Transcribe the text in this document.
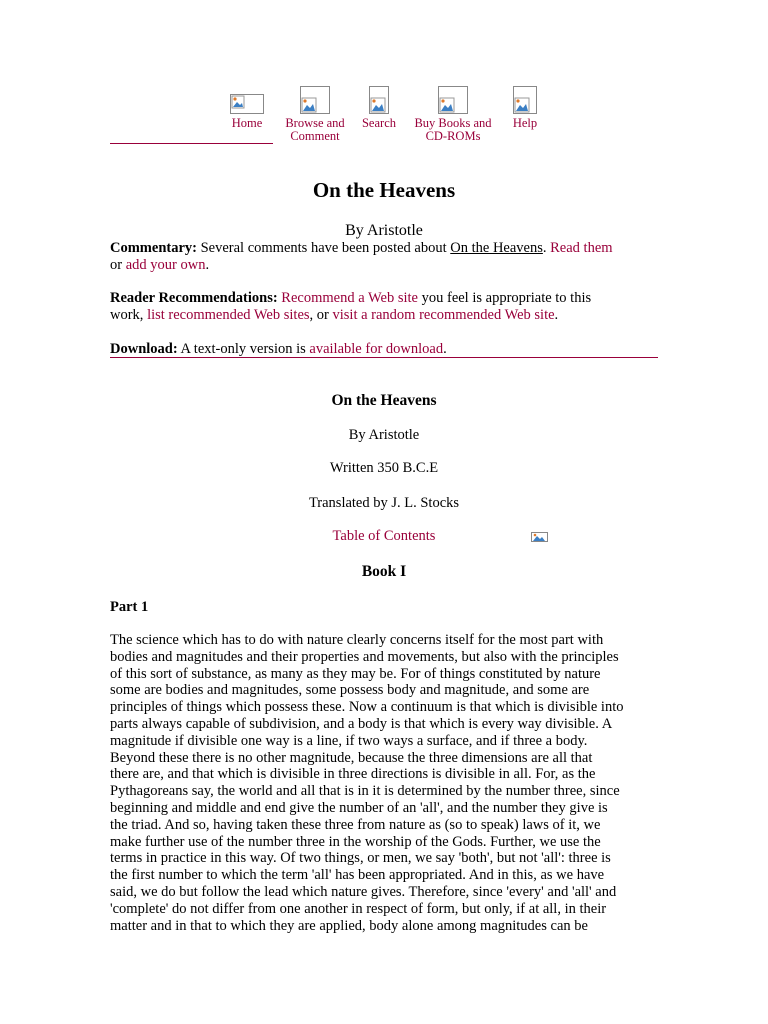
Home	Browse and
Comment
Search	Buy Books and
CD-ROMs
Help
On the Heavens
By Aristotle
Commentary: Several comments have been posted about On the Heavens. Read them
or add your own.
Reader Recommendations: Recommend a Web site you feel is appropriate to this
work, list recommended Web sites, or visit a random recommended Web site.
Download: A text-only version is available for download.
On the Heavens
By Aristotle
Written 350 B.C.E
Translated by J. L. Stocks
Table of Contents
Book I
Part 1
The science which has to do with nature clearly concerns itself for the most part with
bodies and magnitudes and their properties and movements, but also with the principles
of this sort of substance, as many as they may be. For of things constituted by nature
some are bodies and magnitudes, some possess body and magnitude, and some are
principles of things which possess these. Now a continuum is that which is divisible into
parts always capable of subdivision, and a body is that which is every way divisible. A
magnitude if divisible one way is a line, if two ways a surface, and if three a body.
Beyond these there is no other magnitude, because the three dimensions are all that
there are, and that which is divisible in three directions is divisible in all. For, as the
Pythagoreans say, the world and all that is in it is determined by the number three, since
beginning and middle and end give the number of an 'all', and the number they give is
the triad. And so, having taken these three from nature as (so to speak) laws of it, we
make further use of the number three in the worship of the Gods. Further, we use the
terms in practice in this way. Of two things, or men, we say 'both', but not 'all': three is
the first number to which the term 'all' has been appropriated. And in this, as we have
said, we do but follow the lead which nature gives. Therefore, since 'every' and 'all' and
'complete' do not differ from one another in respect of form, but only, if at all, in their
matter and in that to which they are applied, body alone among magnitudes can be
